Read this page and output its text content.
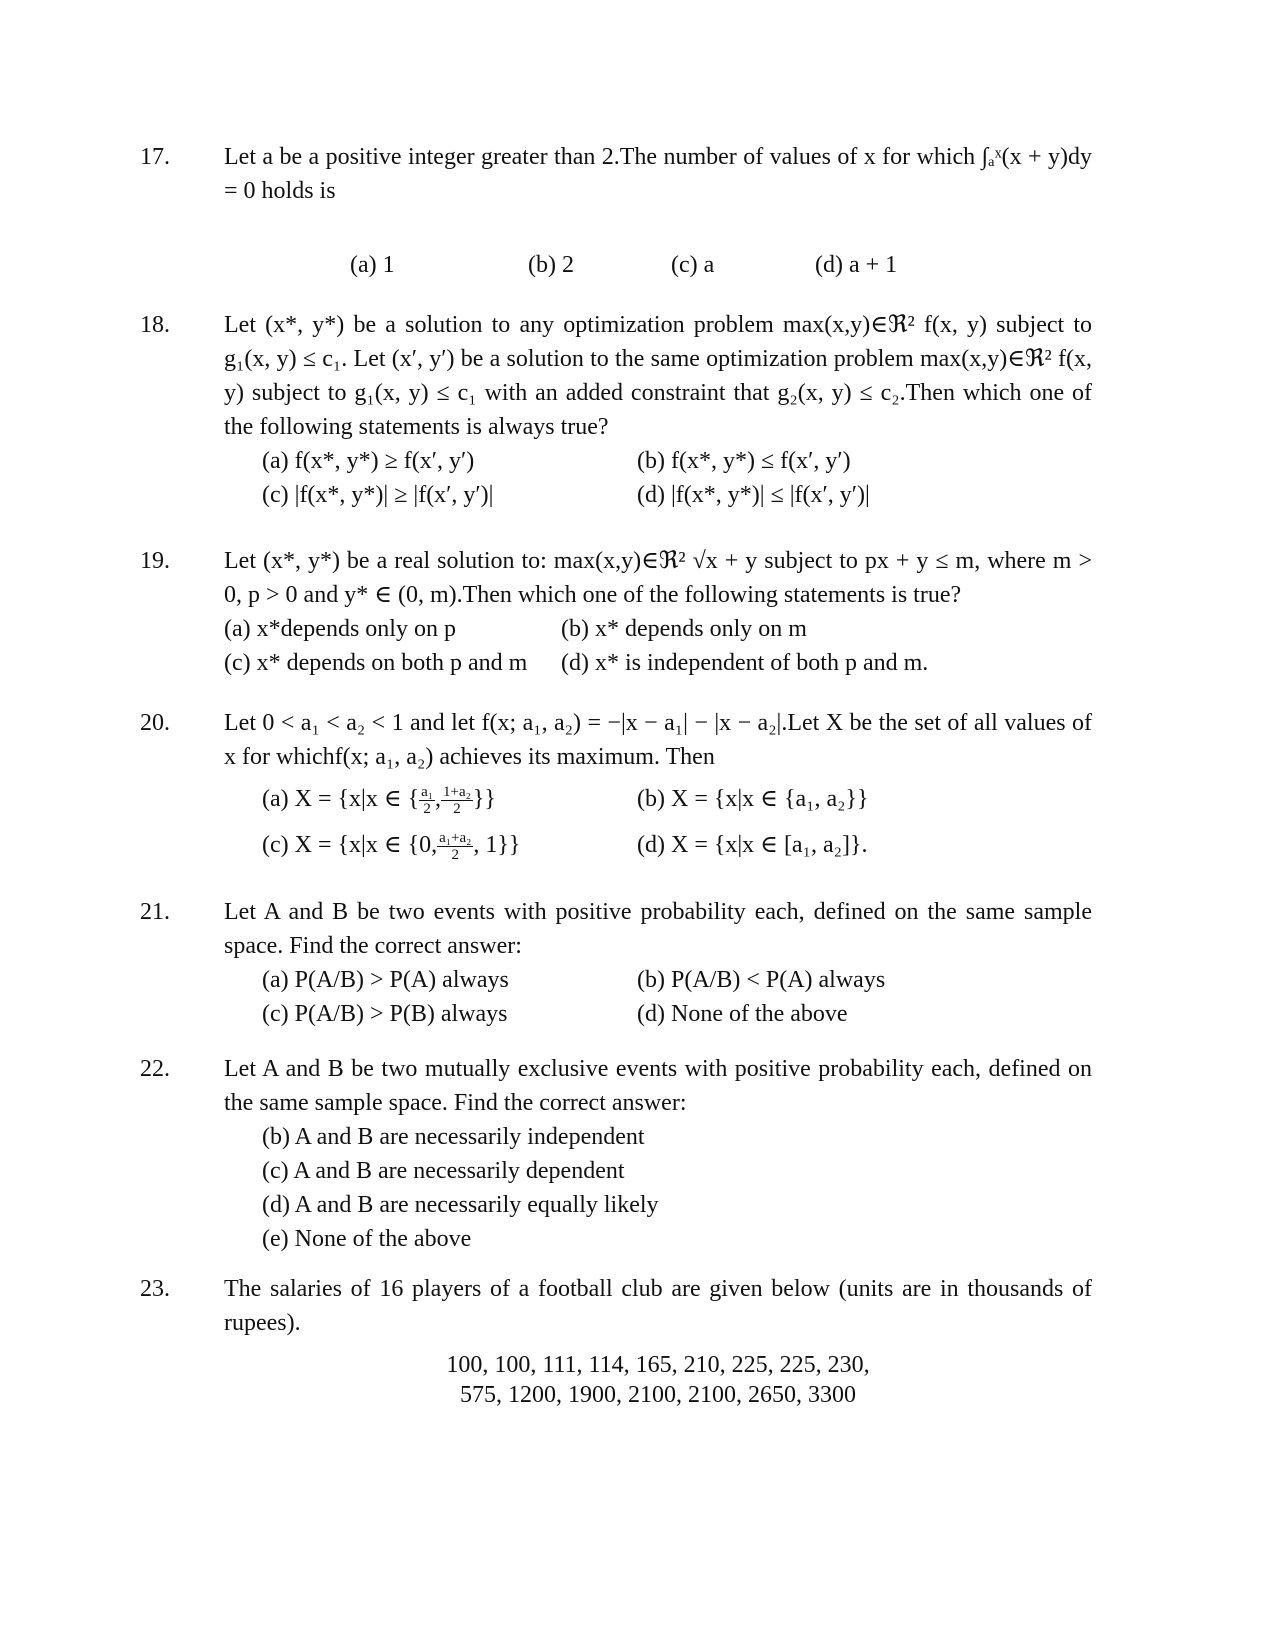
17. Let a be a positive integer greater than 2.The number of values of x for which ∫ₐˣ(x + y)dy = 0 holds is
(a) 1	(b) 2	(c) a	(d) a + 1
18. Let (x*, y*) be a solution to any optimization problem max(x,y)∈ℜ² f(x, y) subject to g₁(x, y) ≤ c₁. Let (x′, y′) be a solution to the same optimization problem max(x,y)∈ℜ² f(x, y) subject to g₁(x, y) ≤ c₁ with an added constraint that g₂(x, y) ≤ c₂.Then which one of the following statements is always true?
(a) f(x*, y*) ≥ f(x′, y′)	(b) f(x*, y*) ≤ f(x′, y′)
(c) |f(x*, y*)| ≥ |f(x′, y′)|	(d) |f(x*, y*)| ≤ |f(x′, y′)|
19. Let (x*, y*) be a real solution to: max(x,y)∈ℜ² √x + y subject to px + y ≤ m, where m > 0, p > 0 and y* ∈ (0, m).Then which one of the following statements is true?
(a) x*depends only on p	(b) x* depends only on m
(c) x* depends on both p and m	(d) x* is independent of both p and m.
20. Let 0 < a₁ < a₂ < 1 and let f(x; a₁, a₂) = −|x − a₁| − |x − a₂|.Let X be the set of all values of x for whichf(x; a₁, a₂) achieves its maximum. Then
(a) X = {x|x ∈ { $\frac{\text{a₁}}{2}$ , $\frac{\text{1+a₂}}{2}$ }}	(b) X = {x|x ∈ {a₁, a₂}}
(c) X = {x|x ∈ {0, $\frac{\text{a₁+a₂}}{2}$ , 1}}	(d) X = {x|x ∈ [a₁, a₂]}.
21. Let A and B be two events with positive probability each, defined on the same sample space. Find the correct answer:
(a) P(A/B) > P(A) always	(b) P(A/B) < P(A) always
(c) P(A/B) > P(B) always	(d) None of the above
22. Let A and B be two mutually exclusive events with positive probability each, defined on the same sample space. Find the correct answer:
(b) A and B are necessarily independent
(c) A and B are necessarily dependent
(d) A and B are necessarily equally likely
(e) None of the above
23. The salaries of 16 players of a football club are given below (units are in thousands of rupees).
100, 100, 111, 114, 165, 210, 225, 225, 230,
575, 1200, 1900, 2100, 2100, 2650, 3300
